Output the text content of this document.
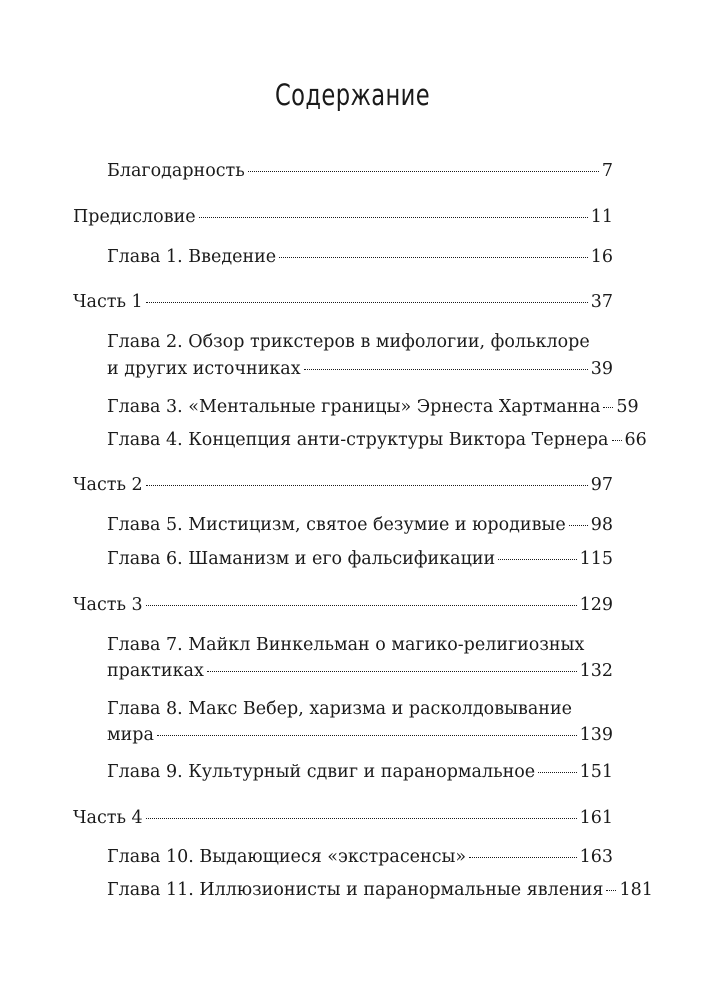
Содержание
Благодарность	7
Предисловие	11
Глава 1. Введение	16
Часть 1	37
Глава 2. Обзор трикстеров в мифологии, фольклоре
и других источниках	39
Глава 3. «Ментальные границы» Эрнеста Хартманна 59
Глава 4. Концепция анти-структуры Виктора Тернера 66
Часть 2	97
Глава 5. Мистицизм, святое безумие и юродивые 98
Глава 6. Шаманизм и его фальсификации	115
Часть 3	129
Глава 7. Майкл Винкельман о магико-религиозных
практиках	132
Глава 8. Макс Вебер, харизма и расколдовывание
мира	139
Глава 9. Культурный сдвиг и паранормальное	151
Часть 4	161
Глава 10. Выдающиеся «экстрасенсы»	163
Глава 11. Иллюзионисты и паранормальные явления 181
